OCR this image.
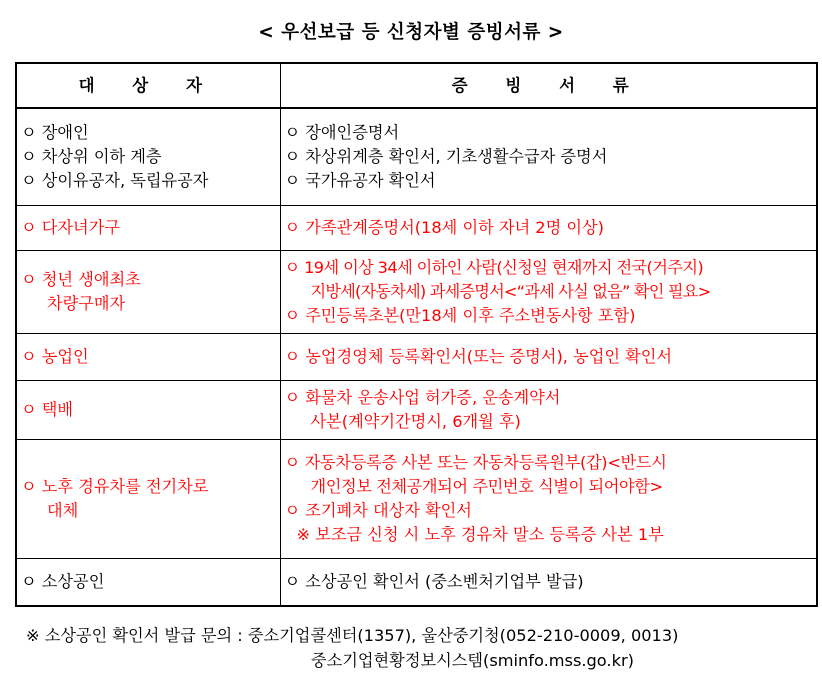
< 우선보급 등 신청자별 증빙서류 >
대 상 자	증 빙 서 류

ㅇ 장애인
ㅇ 차상위 이하 계층
ㅇ 상이유공자, 독립유공자	ㅇ 장애인증명서
ㅇ 차상위계층 확인서, 기초생활수급자 증명서
ㅇ 국가유공자 확인서

ㅇ 다자녀가구	ㅇ 가족관계증명서(18세 이하 자녀 2명 이상)

ㅇ 청년 생애최초
차량구매자	ㅇ 19세 이상 34세 이하인 사람(신청일 현재까지 전국(거주지)
지방세(자동차세) 과세증명서<“과세 사실 없음” 확인 필요>
ㅇ 주민등록초본(만18세 이후 주소변동사항 포함)

ㅇ 농업인	ㅇ 농업경영체 등록확인서(또는 증명서), 농업인 확인서

ㅇ 택배	ㅇ 화물차 운송사업 허가증, 운송계약서
사본(계약기간명시, 6개월 후)

ㅇ 노후 경유차를 전기차로
대체	ㅇ 자동차등록증 사본 또는 자동차등록원부(갑)<반드시
개인정보 전체공개되어 주민번호 식별이 되어야함>
ㅇ 조기폐차 대상자 확인서
※ 보조금 신청 시 노후 경유차 말소 등록증 사본 1부

ㅇ 소상공인	ㅇ 소상공인 확인서 (중소벤처기업부 발급)
※ 소상공인 확인서 발급 문의 : 중소기업콜센터(1357), 울산중기청(052-210-0009, 0013)
중소기업현황정보시스템(sminfo.mss.go.kr)
